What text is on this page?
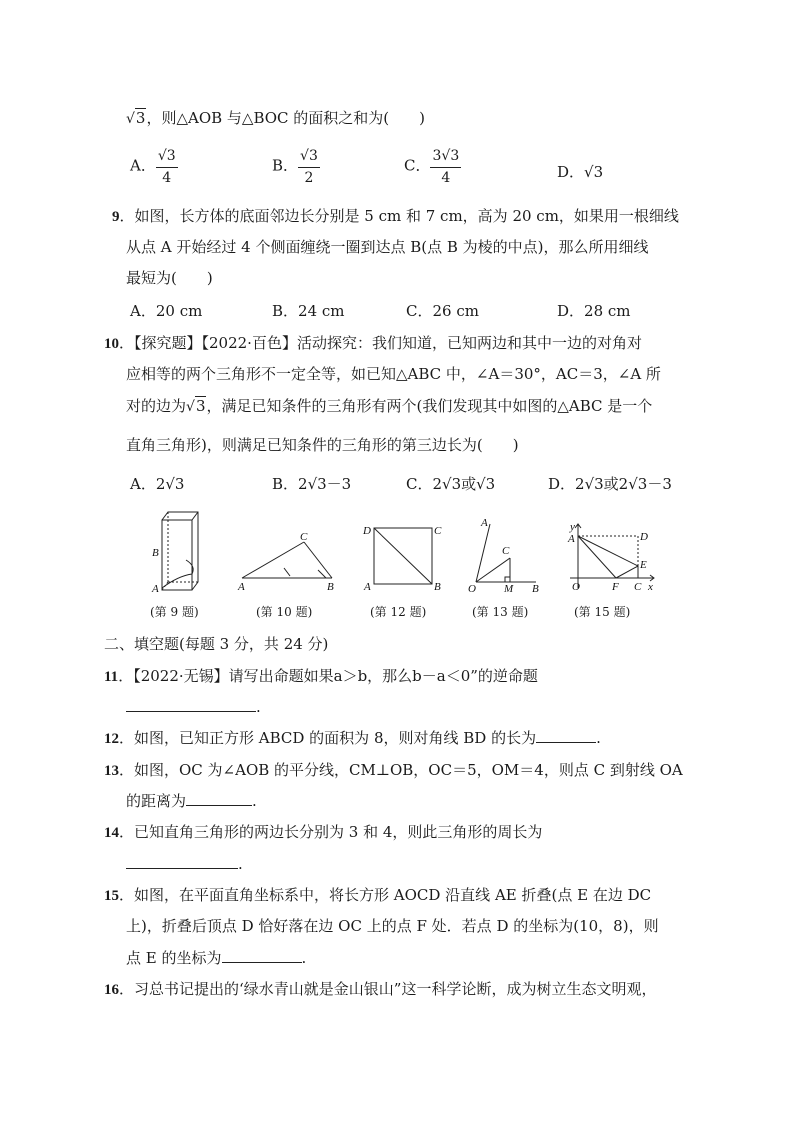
√3，则△AOB 与△BOC 的面积之和为(　　)
A． $\frac{√3}{4}$	B． $\frac{√3}{2}$	C． $\frac{3√3}{4}$	D．√3
9．如图，长方体的底面邻边长分别是 5 cm 和 7 cm，高为 20 cm，如果用一根细线
从点 A 开始经过 4 个侧面缠绕一圈到达点 B(点 B 为棱的中点)，那么所用细线
最短为(　　)
A．20 cm	B．24 cm	C．26 cm	D．28 cm
10．【探究题】【2022·百色】活动探究：我们知道，已知两边和其中一边的对角对
应相等的两个三角形不一定全等，如已知△ABC 中，∠A＝30°，AC＝3，∠A 所
对的边为√3，满足已知条件的三角形有两个(我们发现其中如图的△ABC 是一个
直角三角形)，则满足已知条件的三角形的第三边长为(　　)
A．2√3	B．2√3－3	C．2√3或√3	D．2√3或2√3－3
B
A
(第 9 题)
C
A	B
(第 10 题)
D	C
A	B
(第 12 题)
A
C
O	M B
(第 13 题)
y
A	D
E
O	F C x
(第 15 题)
二、填空题(每题 3 分，共 24 分)
11．【2022·无锡】请写出命题如果a＞b，那么b－a＜0”的逆命题
.
12．如图，已知正方形 ABCD 的面积为 8，则对角线 BD 的长为	.
13．如图，OC 为∠AOB 的平分线，CM⊥OB，OC＝5，OM＝4，则点 C 到射线 OA
的距离为	.
14．已知直角三角形的两边长分别为 3 和 4，则此三角形的周长为
.
15．如图，在平面直角坐标系中，将长方形 AOCD 沿直线 AE 折叠(点 E 在边 DC
上)，折叠后顶点 D 恰好落在边 OC 上的点 F 处．若点 D 的坐标为(10，8)，则
点 E 的坐标为	.
16．习总书记提出的‘绿水青山就是金山银山”这一科学论断，成为树立生态文明观，
